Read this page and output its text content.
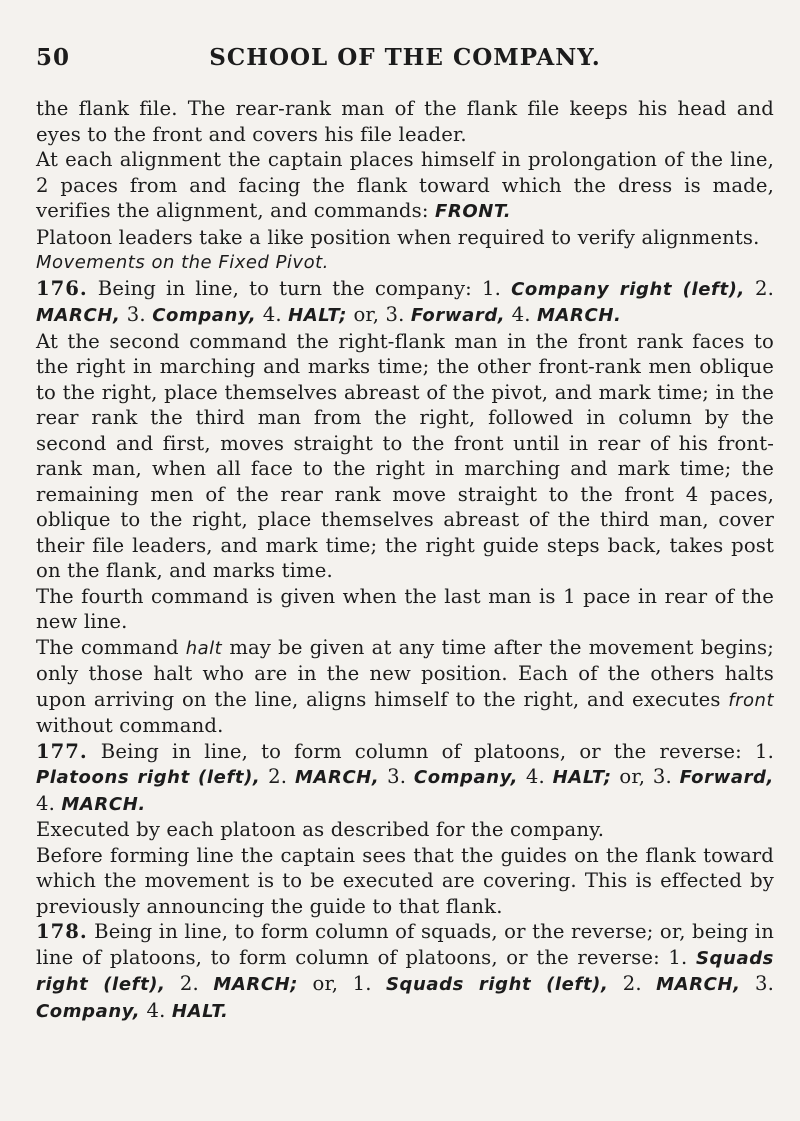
SCHOOL OF THE COMPANY.
50

the flank file. The rear-rank man of the flank file keeps his head and eyes to the front and covers his file leader.

At each alignment the captain places himself in prolongation of the line, 2 paces from and facing the flank toward which the dress is made, verifies the alignment, and commands: FRONT.

Platoon leaders take a like position when required to verify alignments.

Movements on the Fixed Pivot.

176. Being in line, to turn the company: 1. Company right (left), 2. MARCH, 3. Company, 4. HALT; or, 3. Forward, 4. MARCH.

At the second command the right-flank man in the front rank faces to the right in marching and marks time; the other front-rank men oblique to the right, place themselves abreast of the pivot, and mark time; in the rear rank the third man from the right, followed in column by the second and first, moves straight to the front until in rear of his front-rank man, when all face to the right in marching and mark time; the remaining men of the rear rank move straight to the front 4 paces, oblique to the right, place themselves abreast of the third man, cover their file leaders, and mark time; the right guide steps back, takes post on the flank, and marks time.

The fourth command is given when the last man is 1 pace in rear of the new line.

The command halt may be given at any time after the movement begins; only those halt who are in the new position. Each of the others halts upon arriving on the line, aligns himself to the right, and executes front without command.

177. Being in line, to form column of platoons, or the reverse: 1. Platoons right (left), 2. MARCH, 3. Company, 4. HALT; or, 3. Forward, 4. MARCH.

Executed by each platoon as described for the company.

Before forming line the captain sees that the guides on the flank toward which the movement is to be executed are covering. This is effected by previously announcing the guide to that flank.

178. Being in line, to form column of squads, or the reverse; or, being in line of platoons, to form column of platoons, or the reverse: 1. Squads right (left), 2. MARCH; or, 1. Squads right (left), 2. MARCH, 3. Company, 4. HALT.
